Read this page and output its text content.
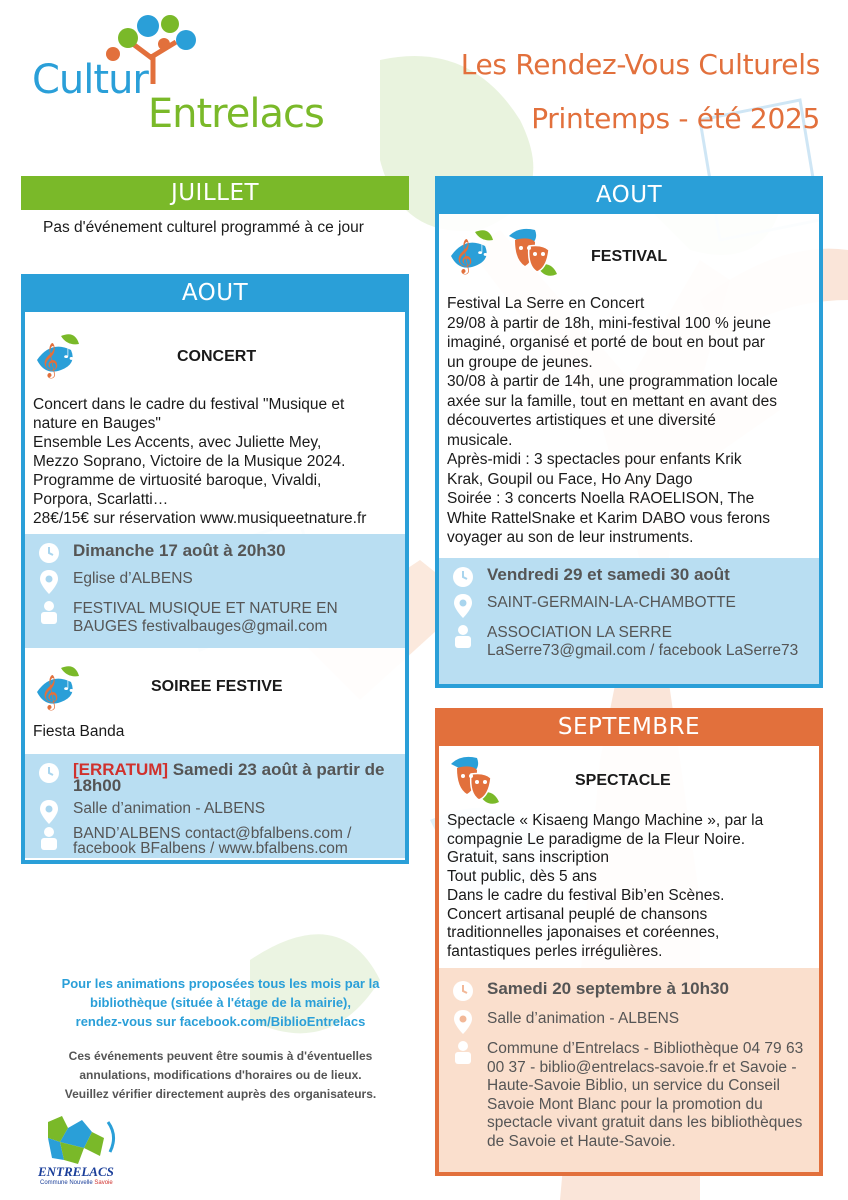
CulturEntrelacs
Les Rendez-Vous Culturels
Printemps - été 2025
JUILLET
Pas d'événement culturel programmé à ce jour
AOUT
𝄞 ♫	CONCERT
Concert dans le cadre du festival "Musique et
nature en Bauges"
Ensemble Les Accents, avec Juliette Mey,
Mezzo Soprano, Victoire de la Musique 2024.
Programme de virtuosité baroque, Vivaldi,
Porpora, Scarlatti…
28€/15€ sur réservation www.musiqueetnature.fr
Dimanche 17 août à 20h30
Eglise d’ALBENS
FESTIVAL MUSIQUE ET NATURE EN BAUGES festivalbauges@gmail.com
𝄞 ♫	SOIREE FESTIVE
Fiesta Banda
[ERRATUM] Samedi 23 août à partir de 18h00
Salle d’animation - ALBENS
BAND’ALBENS contact@bfalbens.com / facebook BFalbens / www.bfalbens.com
AOUT
𝄞 ♫	FESTIVAL
Festival La Serre en Concert
29/08 à partir de 18h, mini-festival 100 % jeune
imaginé, organisé et porté de bout en bout par
un groupe de jeunes.
30/08 à partir de 14h, une programmation locale
axée sur la famille, tout en mettant en avant des
découvertes artistiques et une diversité
musicale.
Après-midi : 3 spectacles pour enfants Krik
Krak, Goupil ou Face, Ho Any Dago
Soirée : 3 concerts Noella RAOELISON, The
White RattelSnake et Karim DABO vous ferons
voyager au son de leur instruments.
Vendredi 29 et samedi 30 août
SAINT-GERMAIN-LA-CHAMBOTTE
ASSOCIATION LA SERRE LaSerre73@gmail.com / facebook LaSerre73
SEPTEMBRE
SPECTACLE
Spectacle « Kisaeng Mango Machine », par la
compagnie Le paradigme de la Fleur Noire.
Gratuit, sans inscription
Tout public, dès 5 ans
Dans le cadre du festival Bib’en Scènes.
Concert artisanal peuplé de chansons
traditionnelles japonaises et coréennes,
fantastiques perles irrégulières.
Samedi 20 septembre à 10h30
Salle d’animation - ALBENS
Commune d’Entrelacs - Bibliothèque 04 79 63 00 37 - biblio@entrelacs-savoie.fr et Savoie - Haute-Savoie Biblio, un service du Conseil Savoie Mont Blanc pour la promotion du spectacle vivant gratuit dans les bibliothèques de Savoie et Haute-Savoie.
Pour les animations proposées tous les mois par la
bibliothèque (située à l'étage de la mairie),
rendez-vous sur facebook.com/BiblioEntrelacs
Ces événements peuvent être soumis à d'éventuelles
annulations, modifications d'horaires ou de lieux.
Veuillez vérifier directement auprès des organisateurs.
ENTRELACS
Commune Nouvelle Savoie
